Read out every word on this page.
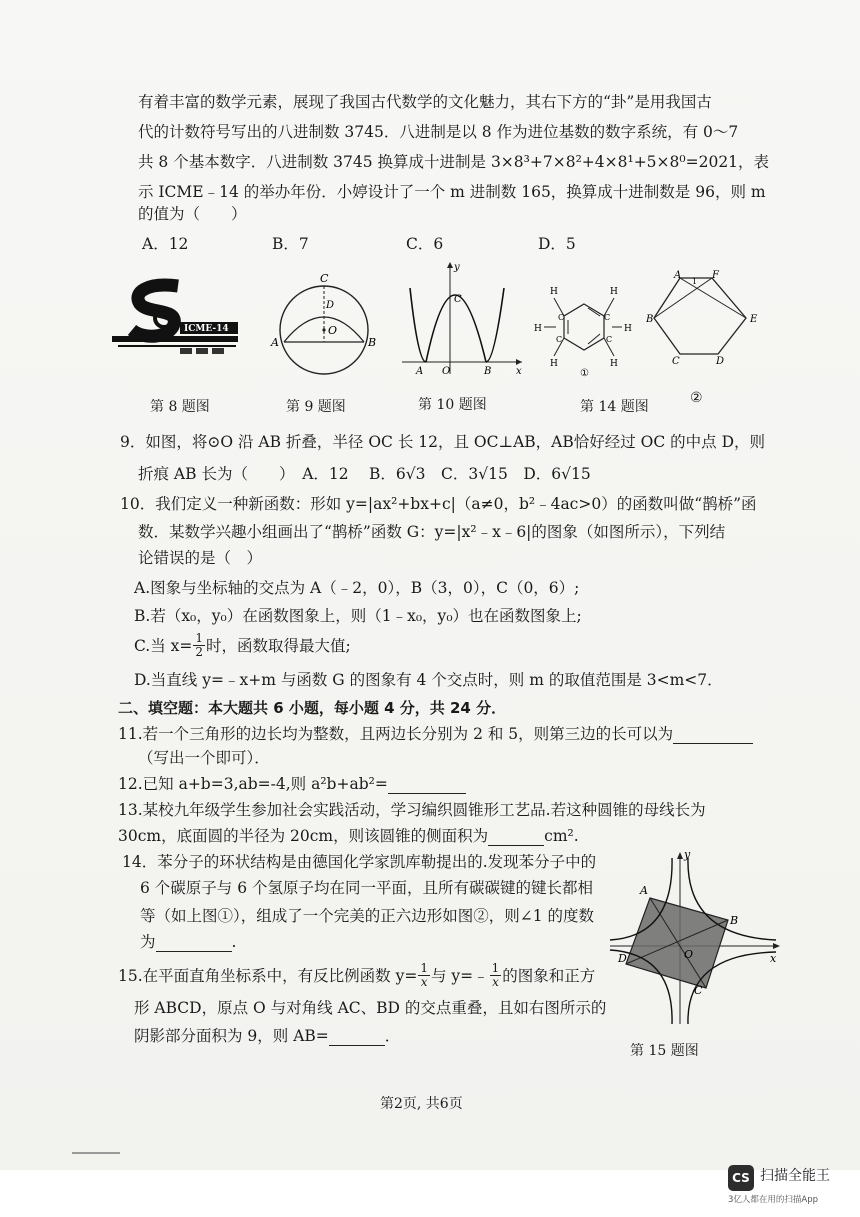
有着丰富的数学元素，展现了我国古代数学的文化魅力，其右下方的“卦”是用我国古
代的计数符号写出的八进制数 3745．八进制是以 8 作为进位基数的数字系统，有 0～7
共 8 个基本数字．八进制数 3745 换算成十进制是 3×8³+7×8²+4×8¹+5×8⁰=2021，表
示 ICME﹣14 的举办年份．小婷设计了一个 m 进制数 165，换算成十进制数是 96，则 m
的值为（　　）
A．12	B．7	C．6	D．5
ICME-14
C
O
A	B
D
y
x
A O	B
C
H	H
H	H
H	H
C	C
C	C
①
A	F
B	E
C	D
1
第 8 题图	第 9 题图	第 10 题图	第 14 题图
②
9．如图，将⊙O 沿 AB 折叠，半径 OC 长 12，且 OC⊥AB，AB恰好经过 OC 的中点 D，则
折痕 AB 长为（　　）　A．12　 B．6√3　C．3√15　D．6√15
10．我们定义一种新函数：形如 y=|ax²+bx+c|（a≠0，b²﹣4ac>0）的函数叫做“鹊桥”函
数．某数学兴趣小组画出了“鹊桥”函数 G：y=|x²﹣x﹣6|的图象（如图所示），下列结
论错误的是（　）
A.图象与坐标轴的交点为 A（﹣2，0），B（3，0），C（0，6）;
B.若（x₀，y₀）在函数图象上，则（1﹣x₀，y₀）也在函数图象上;
C.当 $x= \frac{1}{2}$ 时，函数取得最大值;
D.当直线 y=﹣x+m 与函数 G 的图象有 4 个交点时，则 m 的取值范围是 3<m<7．
二、填空题：本大题共 6 小题，每小题 4 分，共 24 分．
11.若一个三角形的边长均为整数，且两边长分别为 2 和 5，则第三边的长可以为
（写出一个即可）．
12.已知 a+b=3,ab=-4,则 a²b+ab²=
13.某校九年级学生参加社会实践活动，学习编织圆锥形工艺品.若这种圆锥的母线长为
30cm，底面圆的半径为 20cm，则该圆锥的侧面积为	cm².
14．苯分子的环状结构是由德国化学家凯库勒提出的.发现苯分子中的
6 个碳原子与 6 个氢原子均在同一平面，且所有碳碳键的键长都相
等（如上图①），组成了一个完美的正六边形如图②，则∠1 的度数
为	.
15.在平面直角坐标系中，有反比例函数 $y= \frac{1}{x}$ 与 y=﹣ $\frac{1}{x}$ 的图象和正方
形 ABCD，原点 O 与对角线 AC、BD 的交点重叠，且如右图所示的
阴影部分面积为 9，则 AB=	．
y
x
A
B
C
D	O
第 15 题图
第2页, 共6页
CS 扫描全能王
3亿人都在用的扫描App
